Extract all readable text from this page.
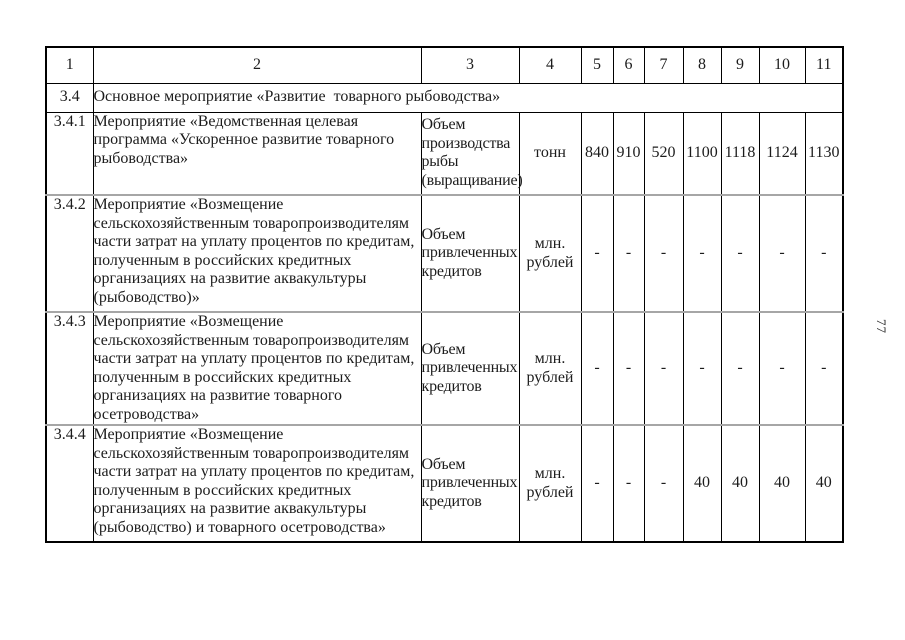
1	2	3	4	5	6	7	8	9	10	11
3.4	Основное мероприятие «Развитие  товарного рыбоводства»									
3.4.1	Мероприятие «Ведомственная целевая программа «Ускоренное развитие товарного рыбоводства»	Объем производства рыбы (выращивание)	тонн	840	910	520	1100	1118	1124	1130
3.4.2	Мероприятие «Возмещение сельскохозяйственным товаропроизводителям части затрат на уплату процентов по кредитам, полученным в российских кредитных организациях на развитие аквакультуры (рыбоводство)»	Объем привлеченных кредитов	млн. рублей	-	-	-	-	-	-	-
3.4.3	Мероприятие «Возмещение сельскохозяйственным товаропроизводителям части затрат на уплату процентов по кредитам, полученным в российских кредитных организациях на развитие товарного осетроводства»	Объем привлеченных кредитов	млн. рублей	-	-	-	-	-	-	-
3.4.4	Мероприятие «Возмещение сельскохозяйственным товаропроизводителям части затрат на уплату процентов по кредитам, полученным в российских кредитных организациях на развитие аквакультуры (рыбоводство) и товарного осетроводства»	Объем привлеченных кредитов	млн. рублей	-	-	-	40	40	40	40
77
